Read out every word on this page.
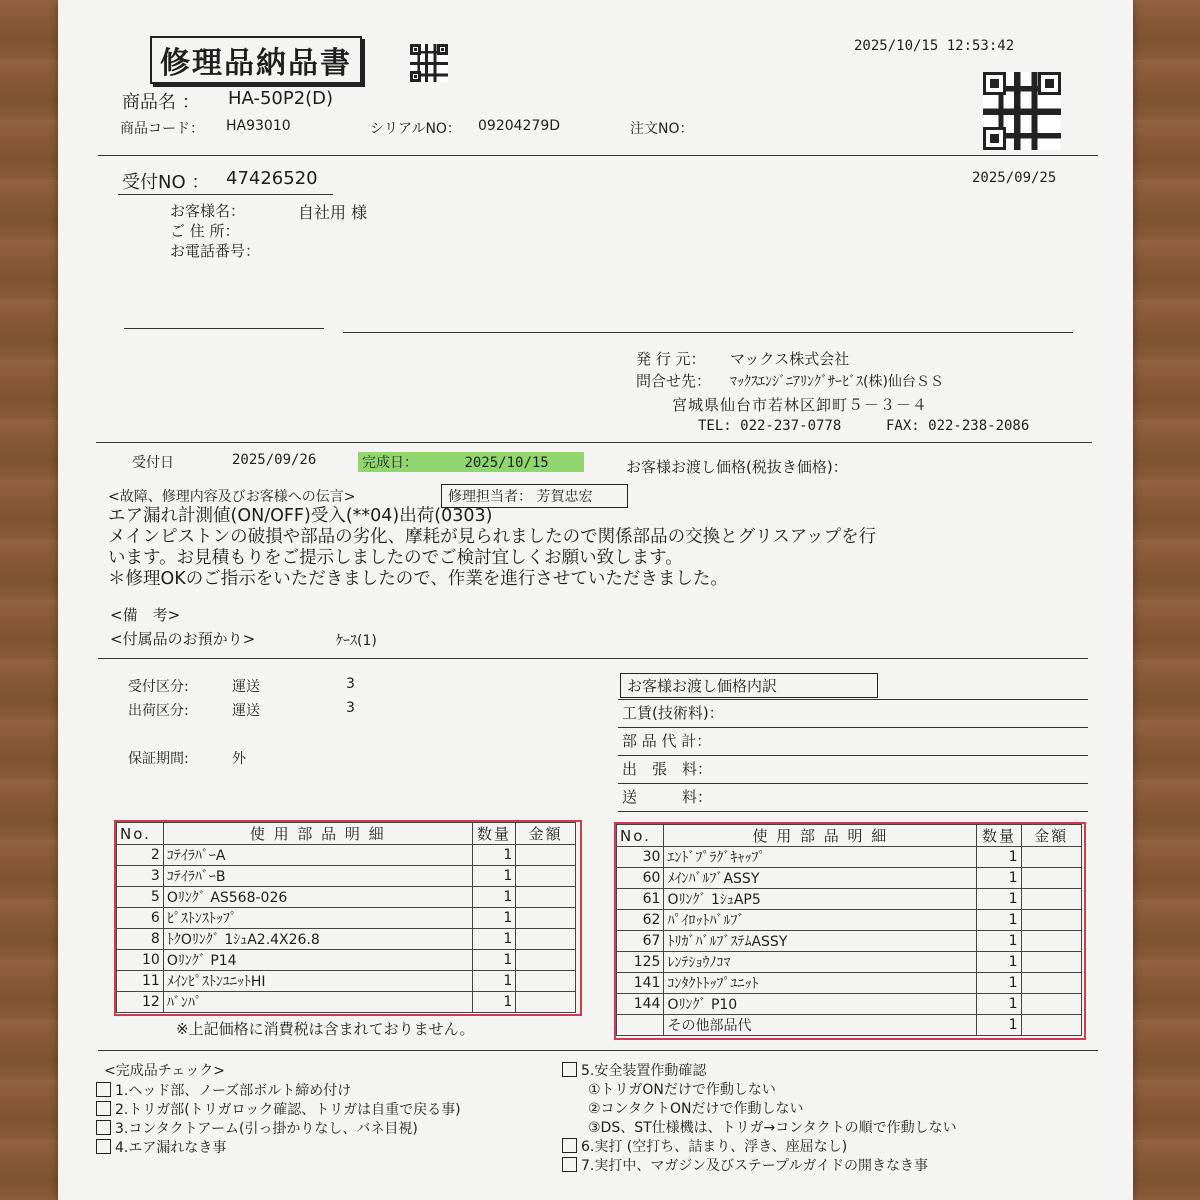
修理品納品書	2025/10/15 12:53:42
商品名 ： HA-50P2(D)
商品コード： HA93010	シリアルNO： 09204279D	注文NO：
受付NO ： 47426520	2025/09/25
お客様名：	自社用 様
ご 住 所：
お電話番号：
発 行 元： マックス株式会社
問合せ先： ﾏｯｸｽｴﾝｼﾞﾆｱﾘﾝｸﾞｻｰﾋﾞｽ(株)仙台ＳＳ
宮城県仙台市若林区卸町５－３－４
TEL: 022-237-0778	FAX: 022-238-2086
受付日	2025/09/26	完成日：	2025/10/15	お客様お渡し価格(税抜き価格)：
<故障、修理内容及びお客様への伝言>	修理担当者： 芳賀忠宏
エア漏れ計測値(ON/OFF)受入(**04)出荷(0303)
メインピストンの破損や部品の劣化、摩耗が見られましたので関係部品の交換とグリスアップを行
います。お見積もりをご提示しましたのでご検討宜しくお願い致します。
＊修理OKのご指示をいただきましたので、作業を進行させていただきました。
<備　考>
<付属品のお預かり>	ｹｰｽ(1)
受付区分:	運送	3
出荷区分:	運送	3
保証期間:	外
お客様お渡し価格内訳
工賃(技術料)：
部 品 代 計：
出　張　料：
送　　　料：
No.	使 用 部 品 明 細	数量	金額
2	ｺﾃｲﾗﾊﾞｰA	1	
3	ｺﾃｲﾗﾊﾞｰB	1	
5	Oﾘﾝｸﾞ AS568-026	1	
6	ﾋﾟｽﾄﾝｽﾄｯﾌﾟ	1	
8	ﾄｸOﾘﾝｸﾞ 1ｼｭA2.4X26.8	1	
10	Oﾘﾝｸﾞ P14	1	
11	ﾒｲﾝﾋﾟｽﾄﾝﾕﾆｯﾄHI	1	
12	ﾊﾞﾝﾊﾟ	1	
No.	使 用 部 品 明 細	数量	金額
30	ｴﾝﾄﾞﾌﾟﾗｸﾞｷｬｯﾌﾟ	1	
60	ﾒｲﾝﾊﾞﾙﾌﾞASSY	1	
61	Oﾘﾝｸﾞ 1ｼｭAP5	1	
62	ﾊﾟｲﾛｯﾄﾊﾞﾙﾌﾞ	1	
67	ﾄﾘｶﾞﾊﾞﾙﾌﾞｽﾃﾑASSY	1	
125	ﾚﾝﾃｼｮｳﾉｺﾏ	1	
141	ｺﾝﾀｸﾄﾄｯﾌﾟﾕﾆｯﾄ	1	
144	Oﾘﾝｸﾞ P10	1	
	その他部品代	1	
※上記価格に消費税は含まれておりません。
<完成品チェック>
1.ヘッド部、ノーズ部ボルト締め付け
2.トリガ部(トリガロック確認、トリガは自重で戻る事)
3.コンタクトアーム(引っ掛かりなし、バネ目視)
4.エア漏れなき事
5.安全装置作動確認
①トリガONだけで作動しない
②コンタクトONだけで作動しない
③DS、ST仕様機は、トリガ→コンタクトの順で作動しない
6.実打 (空打ち、詰まり、浮き、座屈なし)
7.実打中、マガジン及びステープルガイドの開きなき事
